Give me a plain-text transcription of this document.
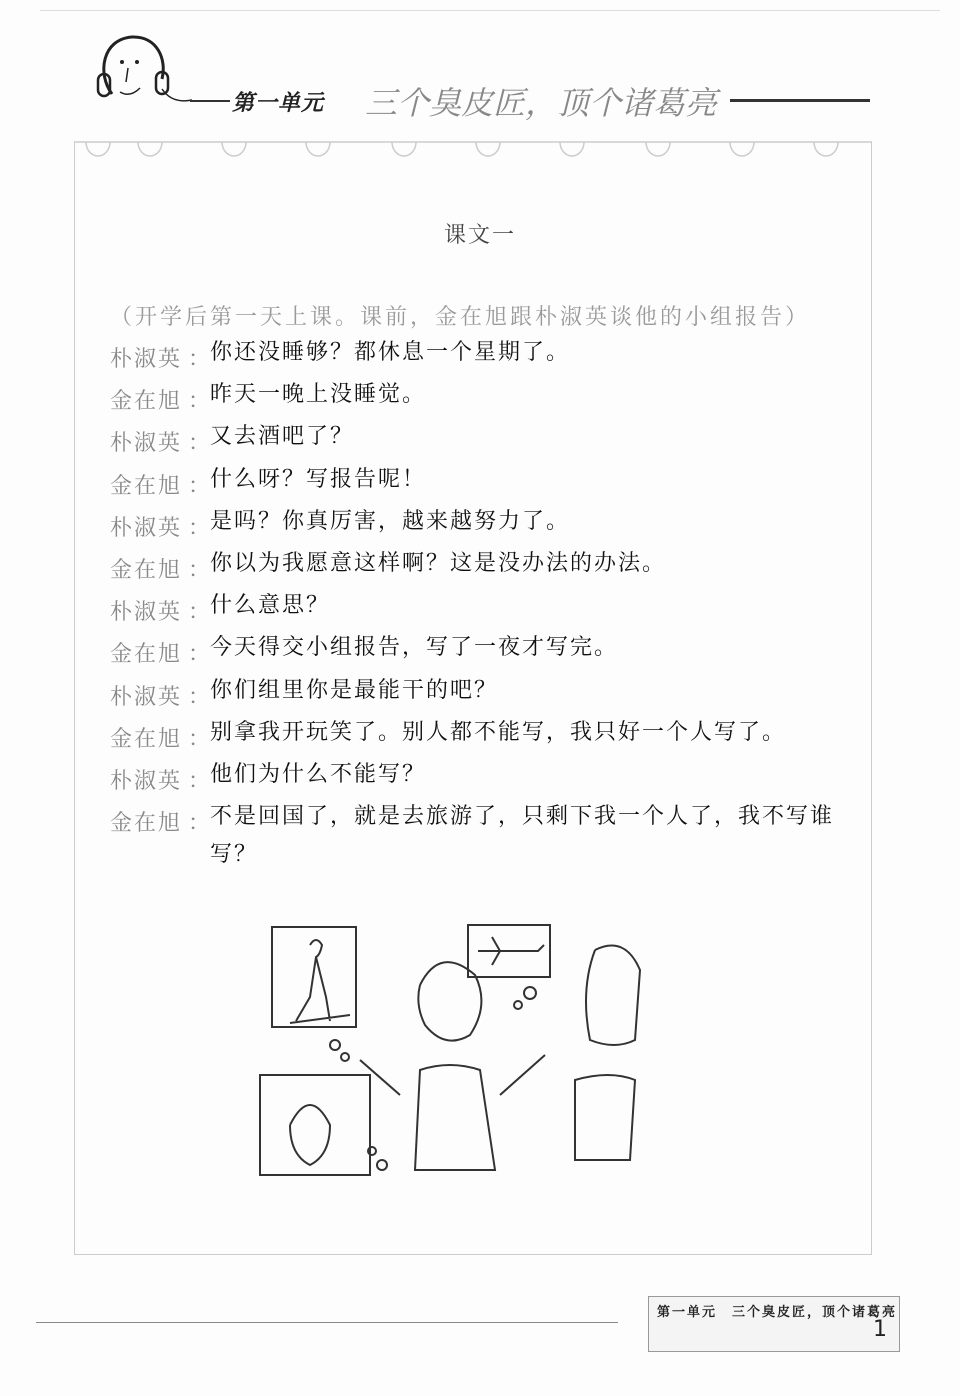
第一单元 三个臭皮匠，顶个诸葛亮
课文一
（开学后第一天上课。课前，金在旭跟朴淑英谈他的小组报告）
朴淑英 ：
你还没睡够？都休息一个星期了。
金在旭 ：
昨天一晚上没睡觉。
朴淑英 ：
又去酒吧了？
金在旭 ：
什么呀？写报告呢！
朴淑英 ：
是吗？你真厉害，越来越努力了。
金在旭 ：
你以为我愿意这样啊？这是没办法的办法。
朴淑英 ：
什么意思？
金在旭 ：
今天得交小组报告，写了一夜才写完。
朴淑英 ：
你们组里你是最能干的吧？
金在旭 ：
别拿我开玩笑了。别人都不能写，我只好一个人写了。
朴淑英 ：
他们为什么不能写？
金在旭 ：
不是回国了，就是去旅游了，只剩下我一个人了，我不写谁写？
第一单元　三个臭皮匠，顶个诸葛亮
1
